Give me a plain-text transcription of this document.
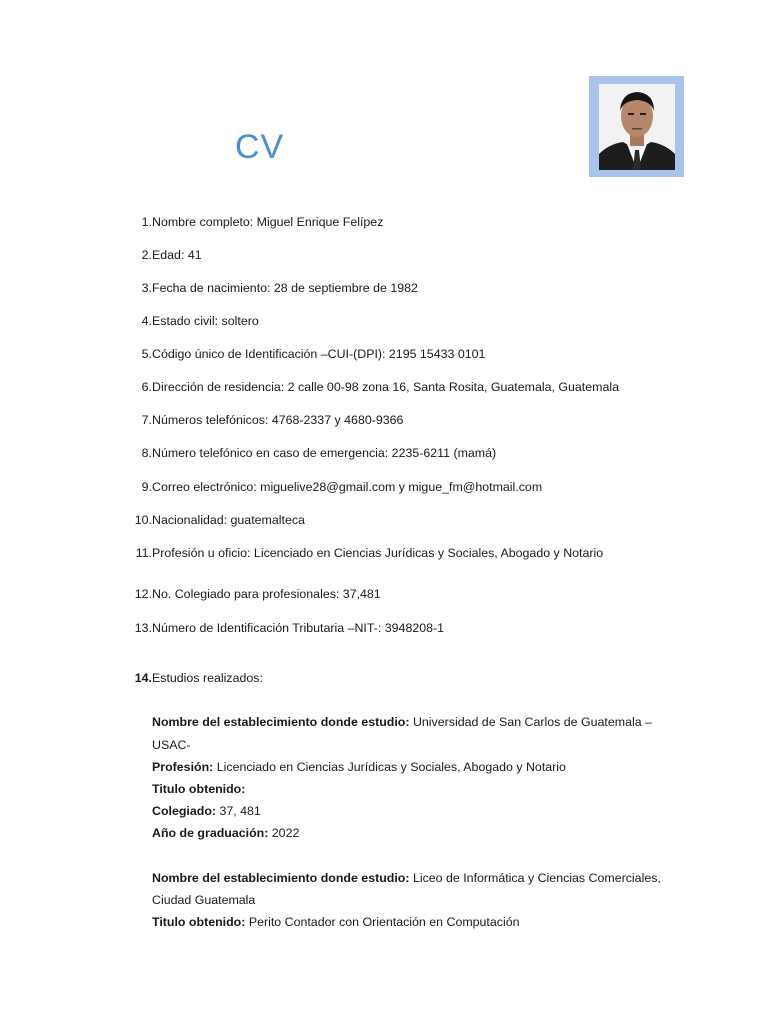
CV
1. Nombre completo: Miguel Enrique Felípez
2. Edad: 41
3. Fecha de nacimiento: 28 de septiembre de 1982
4. Estado civil: soltero
5. Código único de Identificación –CUI-(DPI): 2195 15433 0101
6. Dirección de residencia: 2 calle 00-98 zona 16, Santa Rosita, Guatemala, Guatemala
7. Números telefónicos: 4768-2337 y 4680-9366
8. Número telefónico en caso de emergencia: 2235-6211 (mamá)
9. Correo electrónico: miguelive28@gmail.com y migue_fm@hotmail.com
10. Nacionalidad: guatemalteca
11. Profesión u oficio: Licenciado en Ciencias Jurídicas y Sociales, Abogado y Notario
12. No. Colegiado para profesionales: 37,481
13. Número de Identificación Tributaria –NIT-: 3948208-1
14. Estudios realizados:
Nombre del establecimiento donde estudio: Universidad de San Carlos de Guatemala –
USAC-
Profesión: Licenciado en Ciencias Jurídicas y Sociales, Abogado y Notario
Titulo obtenido:
Colegiado: 37, 481
Año de graduación: 2022
Nombre del establecimiento donde estudio: Liceo de Informática y Ciencias Comerciales,
Ciudad Guatemala
Titulo obtenido: Perito Contador con Orientación en Computación
